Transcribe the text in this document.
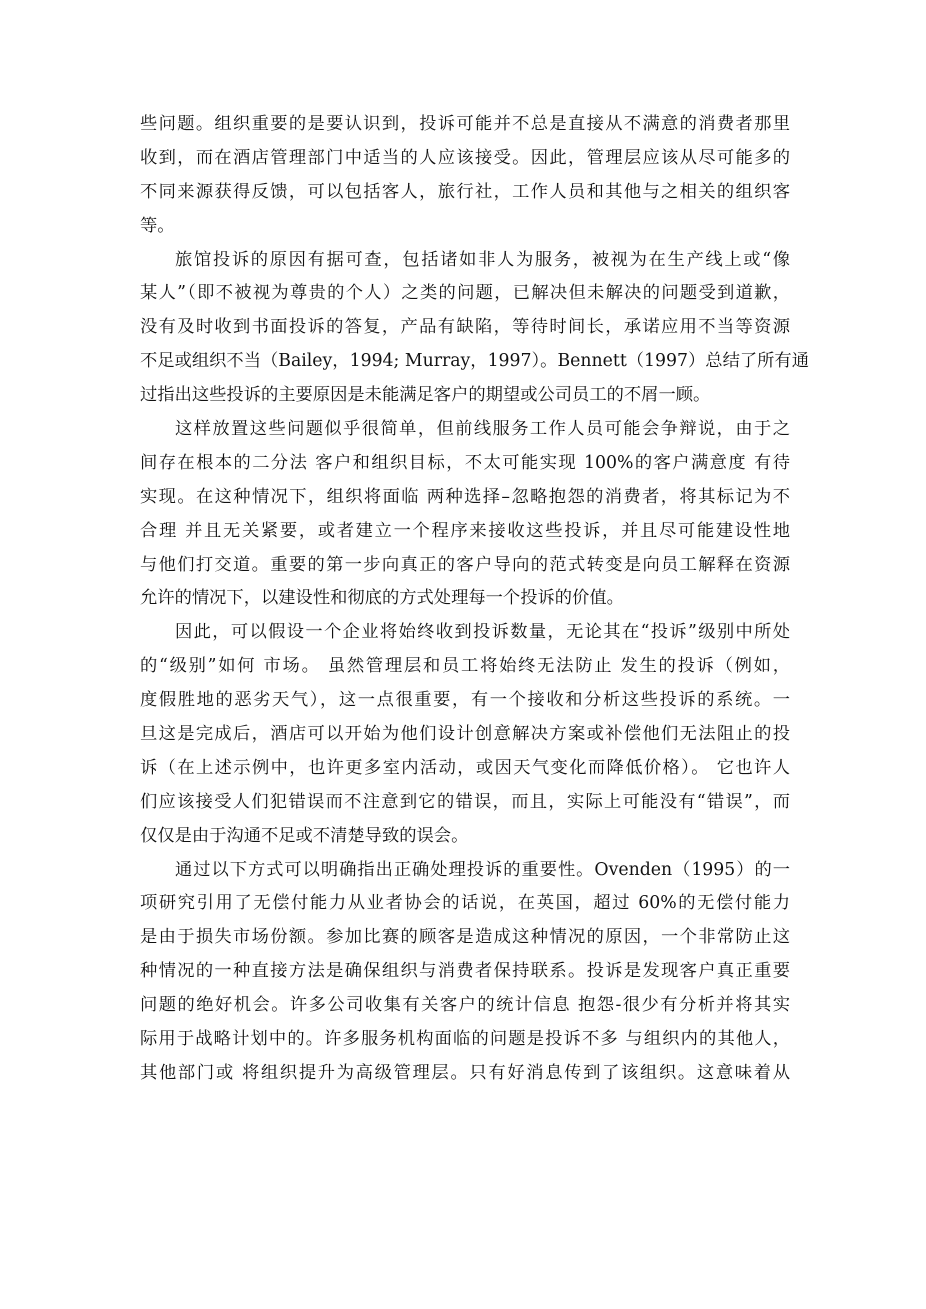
些问题。组织重要的是要认识到，投诉可能并不总是直接从不满意的消费者那里
收到，而在酒店管理部门中适当的人应该接受。因此，管理层应该从尽可能多的
不同来源获得反馈，可以包括客人，旅行社，工作人员和其他与之相关的组织客
等。
旅馆投诉的原因有据可查，包括诸如非人为服务，被视为在生产线上或“像
某人”（即不被视为尊贵的个人）之类的问题，已解决但未解决的问题受到道歉，
没有及时收到书面投诉的答复，产品有缺陷，等待时间长，承诺应用不当等资源
不足或组织不当（Bailey，1994; Murray，1997）。Bennett（1997）总结了所有通
过指出这些投诉的主要原因是未能满足客户的期望或公司员工的不屑一顾。
这样放置这些问题似乎很简单，但前线服务工作人员可能会争辩说，由于之
间存在根本的二分法 客户和组织目标，不太可能实现 100%的客户满意度 有待
实现。在这种情况下，组织将面临 两种选择–忽略抱怨的消费者，将其标记为不
合理 并且无关紧要，或者建立一个程序来接收这些投诉，并且尽可能建设性地
与他们打交道。重要的第一步向真正的客户导向的范式转变是向员工解释在资源
允许的情况下，以建设性和彻底的方式处理每一个投诉的价值。
因此，可以假设一个企业将始终收到投诉数量，无论其在“投诉”级别中所处
的“级别”如何 市场。 虽然管理层和员工将始终无法防止 发生的投诉（例如，
度假胜地的恶劣天气），这一点很重要，有一个接收和分析这些投诉的系统。一
旦这是完成后，酒店可以开始为他们设计创意解决方案或补偿他们无法阻止的投
诉（在上述示例中，也许更多室内活动，或因天气变化而降低价格）。 它也许人
们应该接受人们犯错误而不注意到它的错误，而且，实际上可能没有“错误”，而
仅仅是由于沟通不足或不清楚导致的误会。
通过以下方式可以明确指出正确处理投诉的重要性。Ovenden（1995）的一
项研究引用了无偿付能力从业者协会的话说，在英国，超过 60%的无偿付能力
是由于损失市场份额。参加比赛的顾客是造成这种情况的原因，一个非常防止这
种情况的一种直接方法是确保组织与消费者保持联系。投诉是发现客户真正重要
问题的绝好机会。许多公司收集有关客户的统计信息 抱怨-很少有分析并将其实
际用于战略计划中的。许多服务机构面临的问题是投诉不多 与组织内的其他人，
其他部门或 将组织提升为高级管理层。只有好消息传到了该组织。这意味着从
